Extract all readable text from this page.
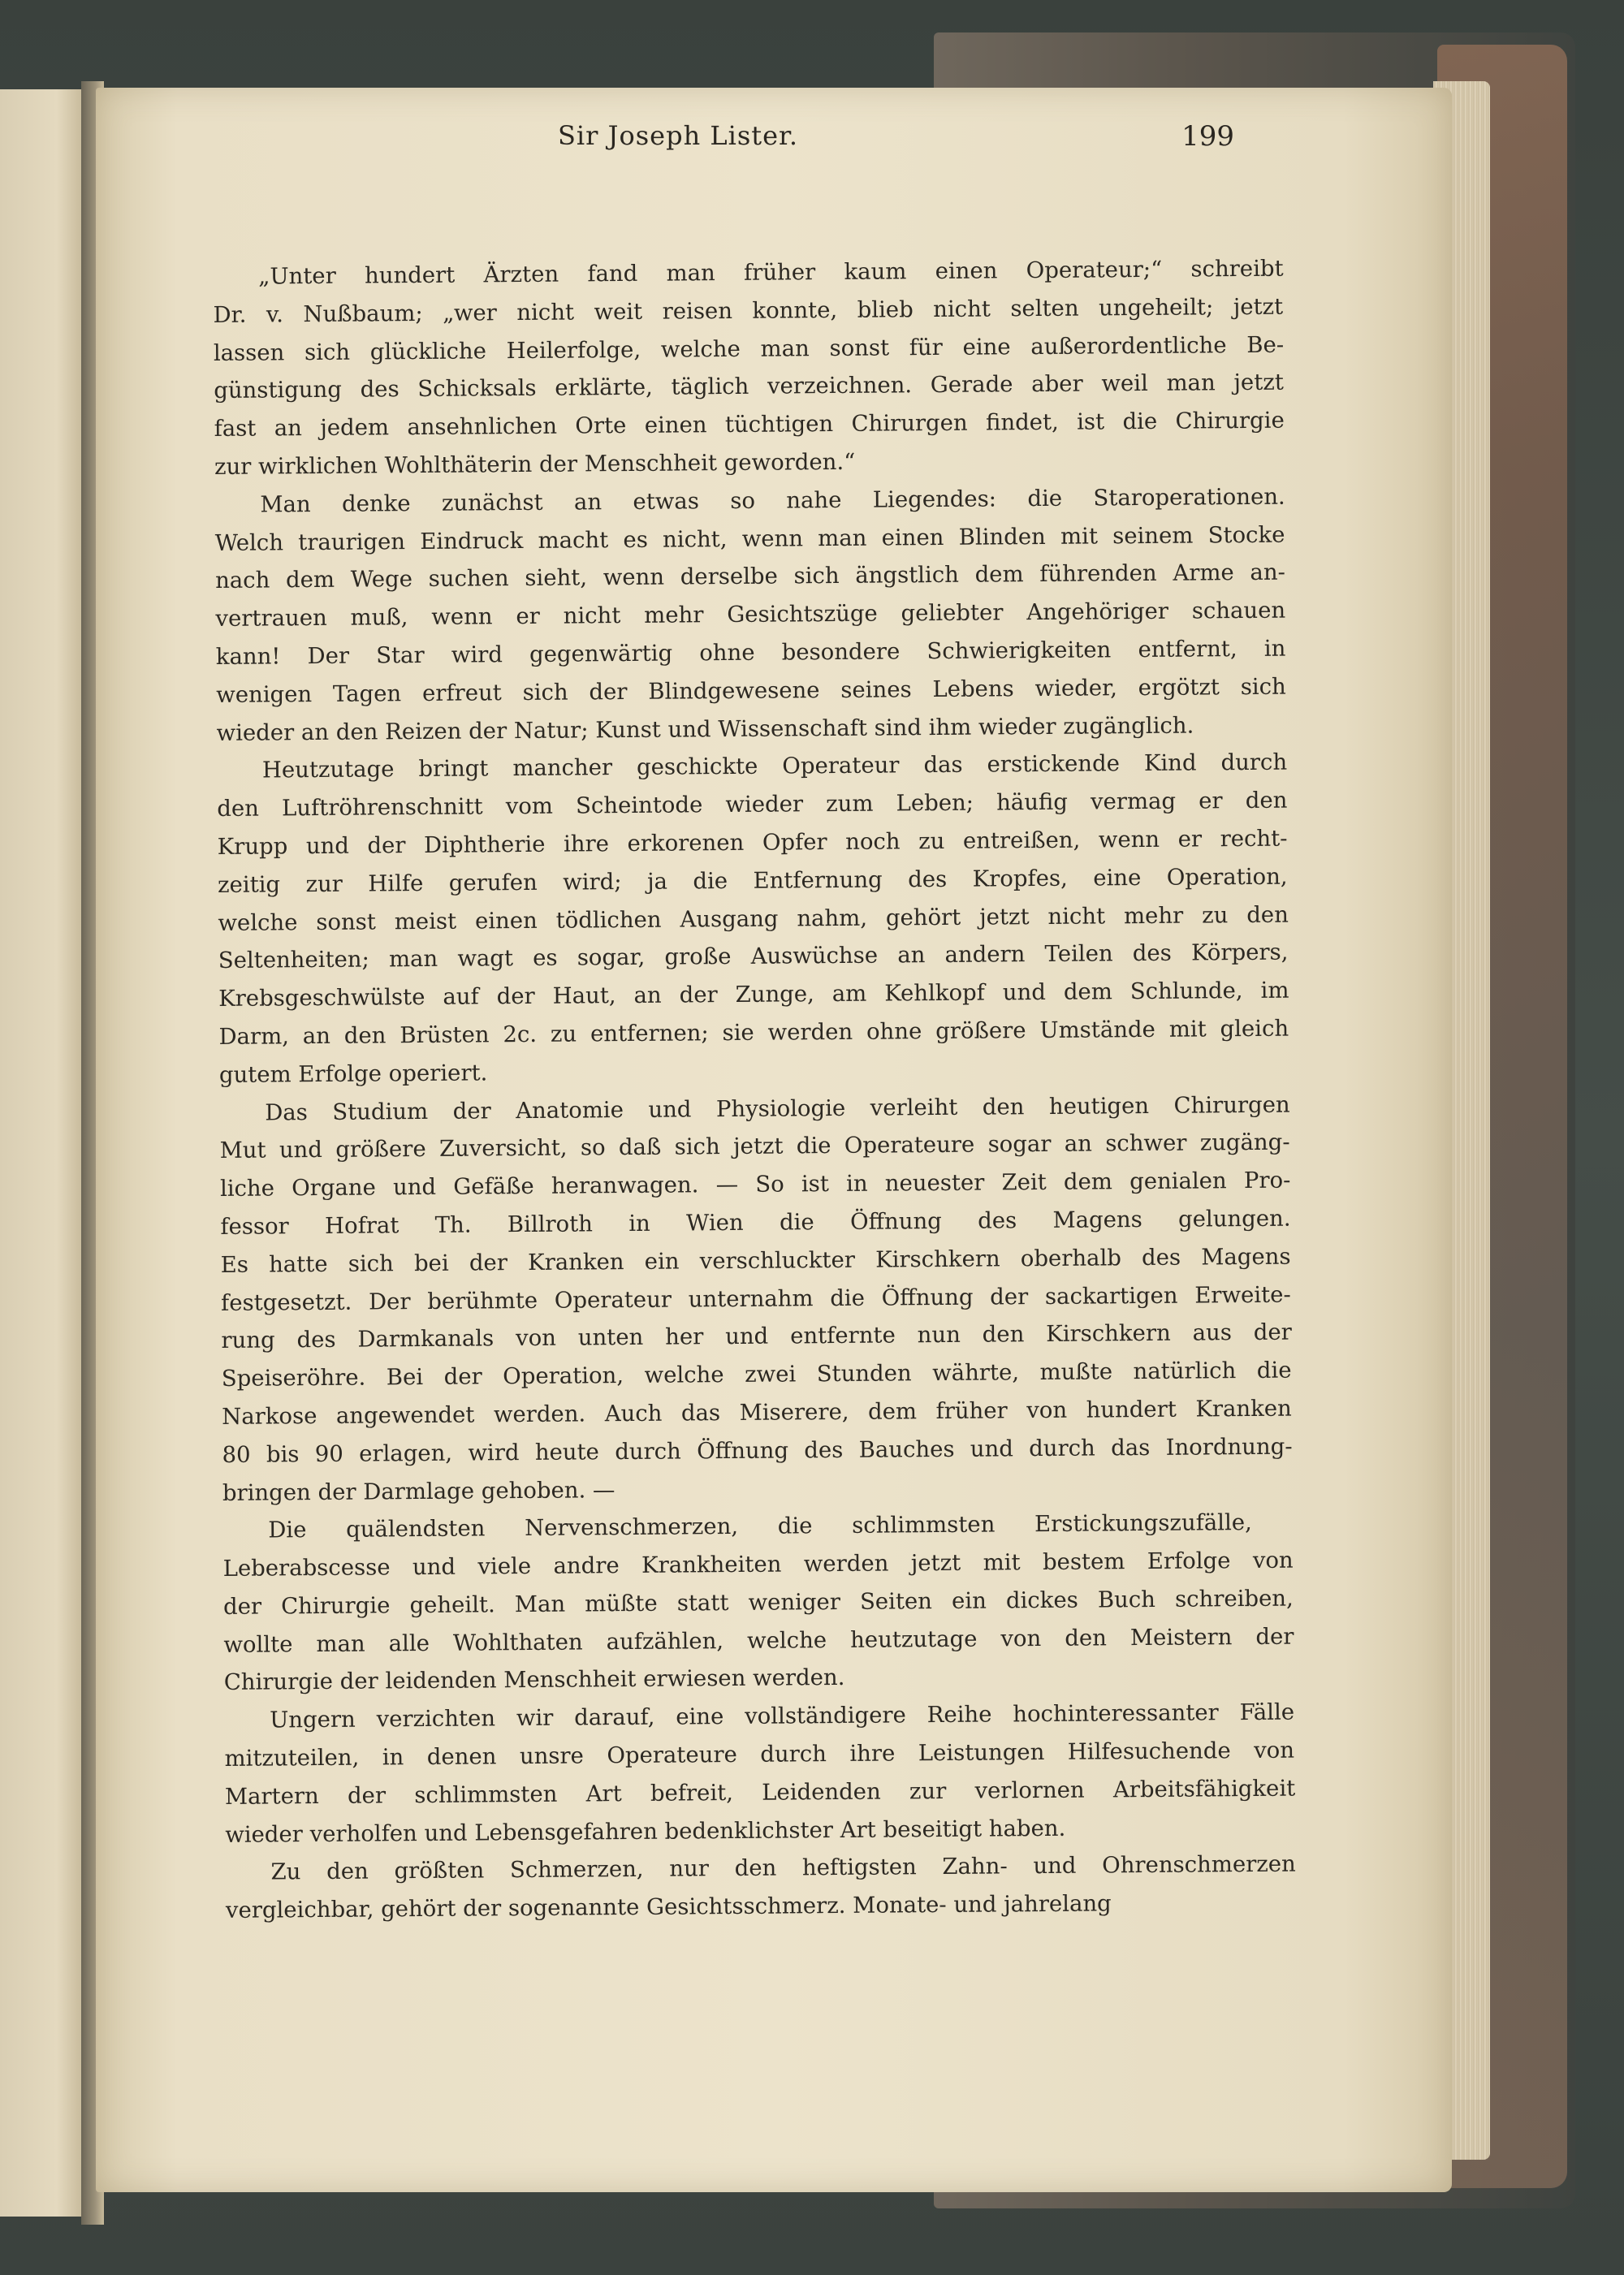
Sir Joseph Lister.	199
„Unter hundert Ärzten fand man früher kaum einen Operateur;“ schreibt
Dr. v. Nußbaum; „wer nicht weit reisen konnte, blieb nicht selten ungeheilt; jetzt
lassen sich glückliche Heilerfolge, welche man sonst für eine außerordentliche Be-
günstigung des Schicksals erklärte, täglich verzeichnen. Gerade aber weil man jetzt
fast an jedem ansehnlichen Orte einen tüchtigen Chirurgen findet, ist die Chirurgie
zur wirklichen Wohlthäterin der Menschheit geworden.“
Man denke zunächst an etwas so nahe Liegendes: die Staroperationen.
Welch traurigen Eindruck macht es nicht, wenn man einen Blinden mit seinem Stocke
nach dem Wege suchen sieht, wenn derselbe sich ängstlich dem führenden Arme an-
vertrauen muß, wenn er nicht mehr Gesichtszüge geliebter Angehöriger schauen
kann! Der Star wird gegenwärtig ohne besondere Schwierigkeiten entfernt, in
wenigen Tagen erfreut sich der Blindgewesene seines Lebens wieder, ergötzt sich
wieder an den Reizen der Natur; Kunst und Wissenschaft sind ihm wieder zugänglich.
Heutzutage bringt mancher geschickte Operateur das erstickende Kind durch
den Luftröhrenschnitt vom Scheintode wieder zum Leben; häufig vermag er den
Krupp und der Diphtherie ihre erkorenen Opfer noch zu entreißen, wenn er recht-
zeitig zur Hilfe gerufen wird; ja die Entfernung des Kropfes, eine Operation,
welche sonst meist einen tödlichen Ausgang nahm, gehört jetzt nicht mehr zu den
Seltenheiten; man wagt es sogar, große Auswüchse an andern Teilen des Körpers,
Krebsgeschwülste auf der Haut, an der Zunge, am Kehlkopf und dem Schlunde, im
Darm, an den Brüsten 2c. zu entfernen; sie werden ohne größere Umstände mit gleich
gutem Erfolge operiert.
Das Studium der Anatomie und Physiologie verleiht den heutigen Chirurgen
Mut und größere Zuversicht, so daß sich jetzt die Operateure sogar an schwer zugäng-
liche Organe und Gefäße heranwagen. — So ist in neuester Zeit dem genialen Pro-
fessor Hofrat Th. Billroth in Wien die Öffnung des Magens gelungen.
Es hatte sich bei der Kranken ein verschluckter Kirschkern oberhalb des Magens
festgesetzt. Der berühmte Operateur unternahm die Öffnung der sackartigen Erweite-
rung des Darmkanals von unten her und entfernte nun den Kirschkern aus der
Speiseröhre. Bei der Operation, welche zwei Stunden währte, mußte natürlich die
Narkose angewendet werden. Auch das Miserere, dem früher von hundert Kranken
80 bis 90 erlagen, wird heute durch Öffnung des Bauches und durch das Inordnung-
bringen der Darmlage gehoben. —
Die quälendsten Nervenschmerzen, die schlimmsten Erstickungszufälle,
Leberabscesse und viele andre Krankheiten werden jetzt mit bestem Erfolge von
der Chirurgie geheilt. Man müßte statt weniger Seiten ein dickes Buch schreiben,
wollte man alle Wohlthaten aufzählen, welche heutzutage von den Meistern der
Chirurgie der leidenden Menschheit erwiesen werden.
Ungern verzichten wir darauf, eine vollständigere Reihe hochinteressanter Fälle
mitzuteilen, in denen unsre Operateure durch ihre Leistungen Hilfesuchende von
Martern der schlimmsten Art befreit, Leidenden zur verlornen Arbeitsfähigkeit
wieder verholfen und Lebensgefahren bedenklichster Art beseitigt haben.
Zu den größten Schmerzen, nur den heftigsten Zahn- und Ohrenschmerzen
vergleichbar, gehört der sogenannte Gesichtsschmerz. Monate- und jahrelang
